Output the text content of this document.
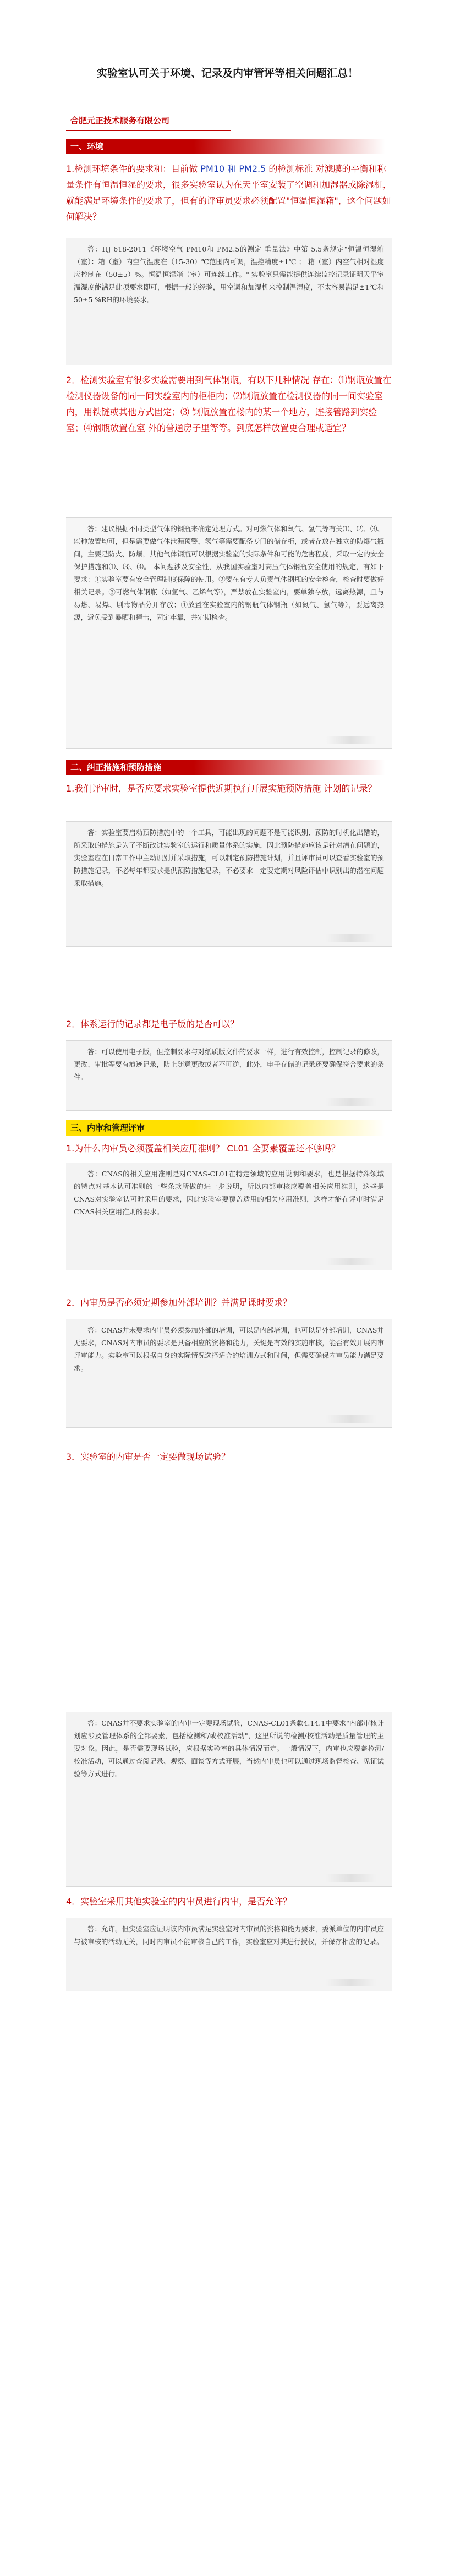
实验室认可关于环境、记录及内审管评等相关问题汇总！
合肥元正技术服务有限公司
一、环境
1.检测环境条件的要求和：目前做 PM10 和 PM2.5 的检测标准 对滤膜的平衡和称量条件有恒温恒湿的要求，很多实验室认为在天平室安装了空调和加湿器或除湿机，就能满足环境条件的要求了，但有的评审员要求必须配置"恒温恒湿箱"，这个问题如何解决？
答：HJ 618-2011《环境空气 PM10和 PM2.5的测定 重量法》中第 5.5条规定"恒温恒湿箱（室）：箱（室）内空气温度在（15-30）℃范围内可调，温控精度±1℃ ； 箱（室）内空气相对湿度应控制在（50±5）%。恒温恒湿箱（室）可连续工作。" 实验室只需能提供连续监控记录证明天平室温湿度能满足此项要求即可，根据一般的经验，用空调和加湿机来控制温湿度，不太容易满足±1℃和50±5 %RH的环境要求。
2．检测实验室有很多实验需要用到气体钢瓶，有以下几种情况 存在：⑴钢瓶放置在检测仪器设备的同一间实验室内的柜柜内；⑵钢瓶放置在检测仪器的同一间实验室内，用铁链或其他方式固定；⑶ 钢瓶放置在楼内的某一个地方，连接管路到实验室；⑷钢瓶放置在室 外的普通房子里等等。到底怎样放置更合理或适宜？
答：建议根据不同类型气体的钢瓶来确定处理方式。对可燃气体和氧气、氢气等有关⑴、⑵、⑶、⑷种放置均可，但是需要做气体泄漏预警，氢气等需要配备专门的储存柜，或者存放在独立的防爆气瓶间，主要是防火、防爆，其他气体钢瓶可以根据实验室的实际条件和可能的危害程度，采取一定的安全保护措施和⑴、⑶、⑷。 本问题涉及安全性，从我国实验室对高压气体钢瓶安全使用的规定，有如下要求：①实验室要有安全管理制度保障的使用。②要在有专人负责气体钢瓶的安全检查，检查时要做好相关记录。③可燃气体钢瓶（如氢气、乙烯气等），严禁放在实验室内，要单独存放，远离热源，且与易燃、易爆、剧毒物品分开存放；④放置在实验室内的钢瓶气体钢瓶（如氮气、氩气等），要远离热源，避免受到暴晒和撞击，固定牢靠，并定期检查。
二、纠正措施和预防措施
1.我们评审时，是否应要求实验室提供近期执行开展实施预防措施 计划的记录？
答：实验室要启动预防措施中的一个工具，可能出现的问题不是可能识别、预防的时机化出错的，所采取的措施是为了不断改进实验室的运行和质量体系的实施，因此预防措施应该是针对潜在问题的，实验室应在日常工作中主动识别并采取措施，可以制定预防措施计划，并且评审员可以查看实验室的预防措施记录，不必每年都要求提供预防措施记录，不必要求一定要定期对风险评估中识别出的潜在问题采取措施。
2．体系运行的记录都是电子版的是否可以？
答：可以使用电子版，但控制要求与对纸质版文件的要求一样，进行有效控制，控制记录的修改，更改、审批等要有痕迹记录，防止随意更改或者不可逆，此外，电子存储的记录还要确保符合要求的条件。
三、内审和管理评审
1.为什么内审员必须覆盖相关应用准则？ CL01 全要素覆盖还不够吗？
答：CNAS的相关应用准则是对CNAS-CL01在特定领域的应用说明和要求，也是根据特殊领域的特点对基本认可准则的一些条款所做的进一步说明，所以内部审核应覆盖相关应用准则，这些是CNAS对实验室认可时采用的要求，因此实验室要覆盖适用的相关应用准则，这样才能在评审时满足CNAS相关应用准则的要求。
2．内审员是否必须定期参加外部培训？并满足课时要求？
答：CNAS并未要求内审员必须参加外部的培训，可以是内部培训，也可以是外部培训，CNAS并无要求，CNAS对内审员的要求是具备相应的资格和能力，关键是有效的实施审核，能否有效开展内审评审能力。实验室可以根据自身的实际情况选择适合的培训方式和时间，但需要确保内审员能力满足要求。
3．实验室的内审是否一定要做现场试验？
答：CNAS并不要求实验室的内审一定要现场试验，CNAS-CL01条款4.14.1中要求"内部审核计划应涉及管理体系的全部要素，包括检测和/或校准活动"，这里所说的检测/校准活动是质量管理的主要对象。因此，是否需要现场试验，应根据实验室的具体情况而定。一般情况下，内审也应覆盖检测/校准活动，可以通过查阅记录、观察、面谈等方式开展，当然内审员也可以通过现场监督检查、见证试验等方式进行。
4．实验室采用其他实验室的内审员进行内审，是否允许？
答：允许。但实验室应证明该内审员满足实验室对内审员的资格和能力要求，委派单位的内审员应与被审核的活动无关，同时内审员不能审核自己的工作，实验室应对其进行授权，并保存相应的记录。
